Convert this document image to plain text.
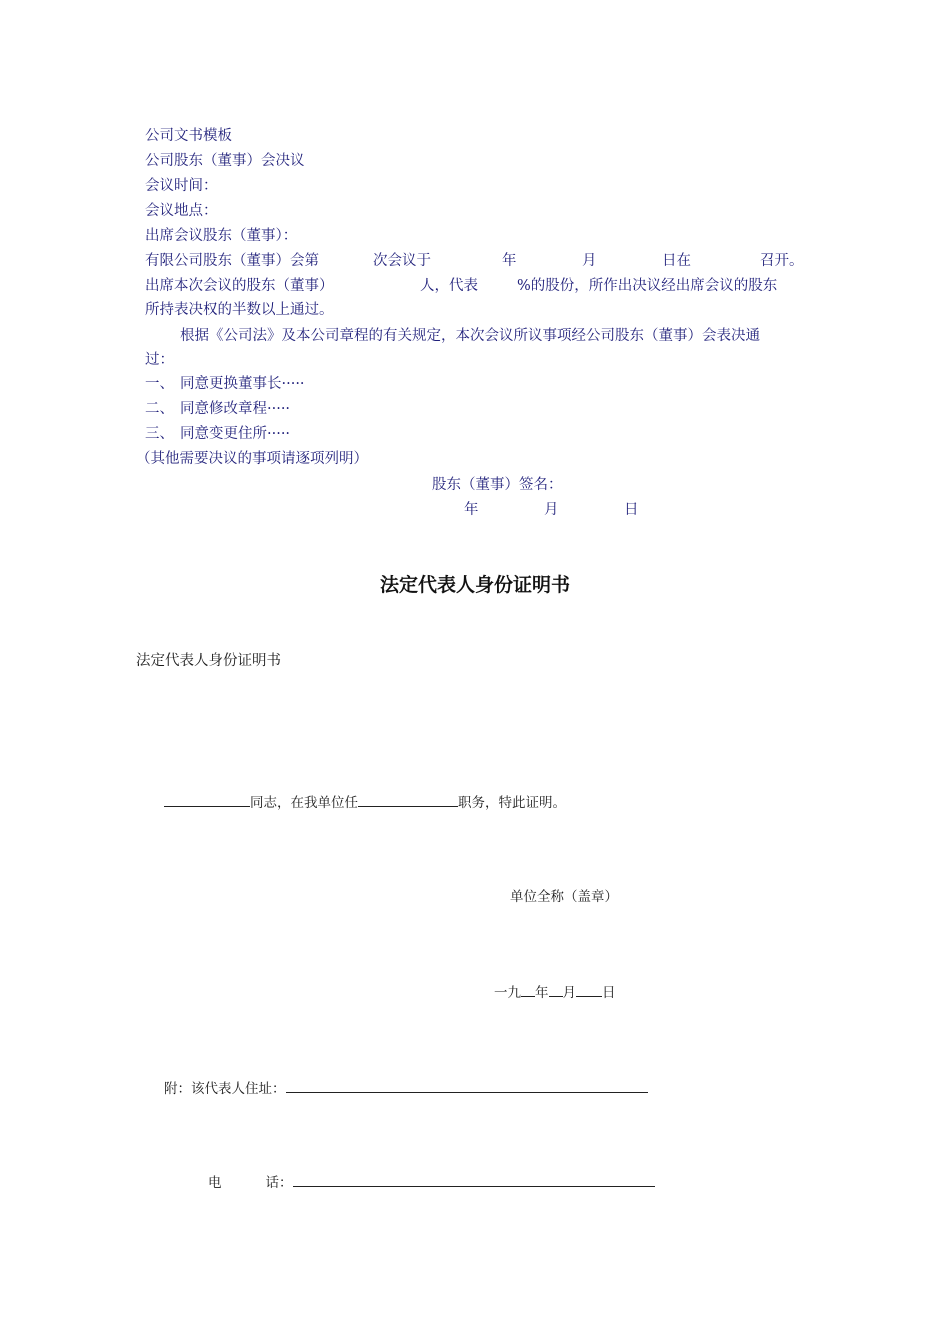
公司文书模板
公司股东（董事）会决议
会议时间：
会议地点：
出席会议股东（董事）：
有限公司股东（董事）会第	次会议于	年	月	日在	召开。
出席本次会议的股东（董事）	人，代表	%的股份，所作出决议经出席会议的股东
所持表决权的半数以上通过。
根据《公司法》及本公司章程的有关规定，本次会议所议事项经公司股东（董事）会表决通
过：
一、 同意更换董事长·····
二、 同意修改章程·····
三、 同意变更住所·····
（其他需要决议的事项请逐项列明）
股东（董事）签名：
年	月	日
法定代表人身份证明书
法定代表人身份证明书
同志，在我单位任	职务，特此证明。
单位全称（盖章）
一九 年 月 日
附：该代表人住址：
电	话：
